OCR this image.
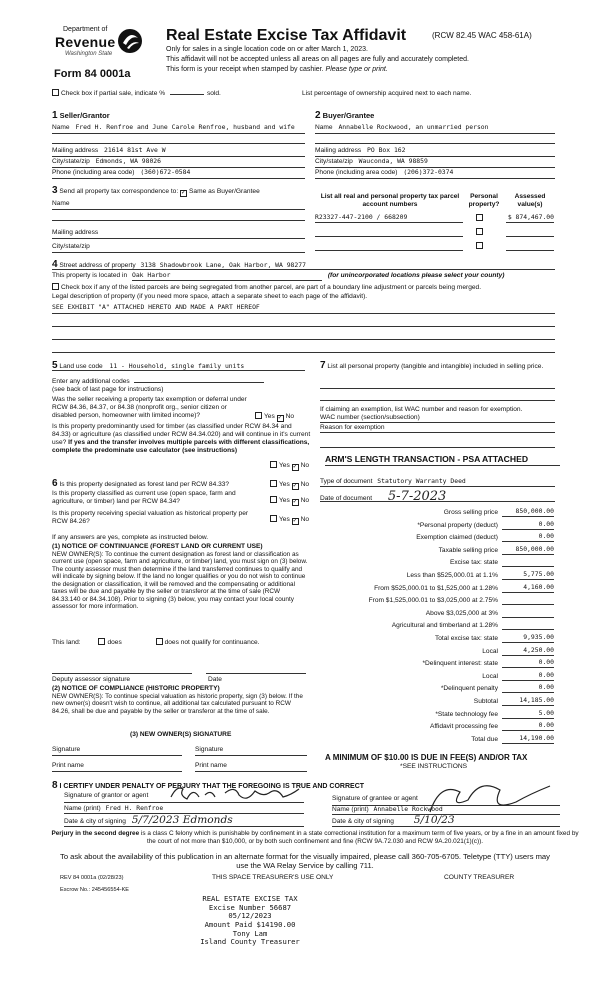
Department of
Revenue
Washington State
Form 84 0001a
Real Estate Excise Tax Affidavit	(RCW 82.45 WAC 458-61A)
Only for sales in a single location code on or after March 1, 2023.
This affidavit will not be accepted unless all areas on all pages are fully and accurately completed.
This form is your receipt when stamped by cashier. Please type or print.
Check box if partial sale, indicate %	sold.	List percentage of ownership acquired next to each name.
1 Seller/Grantor
Name Fred H. Renfroe and June Carole Renfroe, husband and wife
Mailing address 21614 81st Ave W
City/state/zip Edmonds, WA 98026
Phone (including area code) (360)672-0584
2 Buyer/Grantee
Name Annabelle Rockwood, an unmarried person
Mailing address PO Box 162
City/state/zip Wauconda, WA 98859
Phone (including area code) (206)372-0374
3 Send all property tax correspondence to: ✓ Same as Buyer/Grantee
Name
Mailing address
City/state/zip
List all real and personal property tax parcel account numbers
Personal property?
Assessed value(s)
R23327-447-2100 / 668209	$ 874,467.00
4 Street address of property 3138 Shadowbrook Lane, Oak Harbor, WA 98277
This property is located in Oak Harbor	(for unincorporated locations please select your county)
Check box if any of the listed parcels are being segregated from another parcel, are part of a boundary line adjustment or parcels being merged.
Legal description of property (if you need more space, attach a separate sheet to each page of the affidavit).
SEE EXHIBIT "A" ATTACHED HERETO AND MADE A PART HEREOF
5 Land use code 11 - Household, single family units
Enter any additional codes
(see back of last page for instructions)
Was the seller receiving a property tax exemption or deferral under RCW 84.36, 84.37, or 84.38 (nonprofit org., senior citizen or disabled person, homeowner with limited income)?	Yes ✓ No
Is this property predominantly used for timber (as classified under RCW 84.34 and 84.33) or agriculture (as classified under RCW 84.34.020) and will continue in it's current use? If yes and the transfer involves multiple parcels with different classifications, complete the predominate use calculator (see instructions)
Yes ✓ No
6 Is this property designated as forest land per RCW 84.33?	Yes ✓ No
Is this property classified as current use (open space, farm and agriculture, or timber) land per RCW 84.34?	Yes ✓ No
Is this property receiving special valuation as historical property per RCW 84.26?	Yes ✓ No
If any answers are yes, complete as instructed below.
(1) NOTICE OF CONTINUANCE (FOREST LAND OR CURRENT USE)
NEW OWNER(S): To continue the current designation as forest land or classification as current use (open space, farm and agriculture, or timber) land, you must sign on (3) below. The county assessor must then determine if the land transferred continues to qualify and will indicate by signing below. If the land no longer qualifies or you do not wish to continue the designation or classification, it will be removed and the compensating or additional taxes will be due and payable by the seller or transferor at the time of sale (RCW 84.33.140 or 84.34.108). Prior to signing (3) below, you may contact your local county assessor for more information.
This land:	does	does not qualify for continuance.
Deputy assessor signature	Date
(2) NOTICE OF COMPLIANCE (HISTORIC PROPERTY)
NEW OWNER(S): To continue special valuation as historic property, sign (3) below. If the new owner(s) doesn't wish to continue, all additional tax calculated pursuant to RCW 84.26, shall be due and payable by the seller or transferor at the time of sale.
(3) NEW OWNER(S) SIGNATURE
Signature	Signature
Print name	Print name
7 List all personal property (tangible and intangible) included in selling price.
If claiming an exemption, list WAC number and reason for exemption.
WAC number (section/subsection)
Reason for exemption
ARM'S LENGTH TRANSACTION - PSA ATTACHED
Type of document Statutory Warranty Deed
Date of document 5-7-2023
Gross selling price	850,000.00
*Personal property (deduct)	0.00
Exemption claimed (deduct)	0.00
Taxable selling price	850,000.00
Excise tax: state
Less than $525,000.01 at 1.1%	5,775.00
From $525,000.01 to $1,525,000 at 1.28%	4,160.00
From $1,525,000.01 to $3,025,000 at 2.75%
Above $3,025,000 at 3%
Agricultural and timberland at 1.28%
Total excise tax: state	9,935.00
Local	4,250.00
*Delinquent interest: state	0.00
Local	0.00
*Delinquent penalty	0.00
Subtotal	14,185.00
*State technology fee	5.00
Affidavit processing fee	0.00
Total due	14,190.00
A MINIMUM OF $10.00 IS DUE IN FEE(S) AND/OR TAX
*SEE INSTRUCTIONS
8 I CERTIFY UNDER PENALTY OF PERJURY THAT THE FOREGOING IS TRUE AND CORRECT
Signature of grantor or agent
Name (print) Fred H. Renfroe
Date & city of signing 5/7/2023 Edmonds
Signature of grantee or agent
Name (print) Annabelle Rockwood
Date & city of signing 5/10/23
Perjury in the second degree is a class C felony which is punishable by confinement in a state correctional institution for a maximum term of five years, or by a fine in an amount fixed by the court of not more than $10,000, or by both such confinement and fine (RCW 9A.72.030 and RCW 9A.20.021(1)(c)).
To ask about the availability of this publication in an alternate format for the visually impaired, please call 360-705-6705. Teletype (TTY) users may use the WA Relay Service by calling 711.
REV 84 0001a (02/28/23)	THIS SPACE TREASURER'S USE ONLY	COUNTY TREASURER
Escrow No.: 245456554-KE
REAL ESTATE EXCISE TAX
Excise Number 56687
05/12/2023
Amount Paid $14190.00
Tony Lam
Island County Treasurer
